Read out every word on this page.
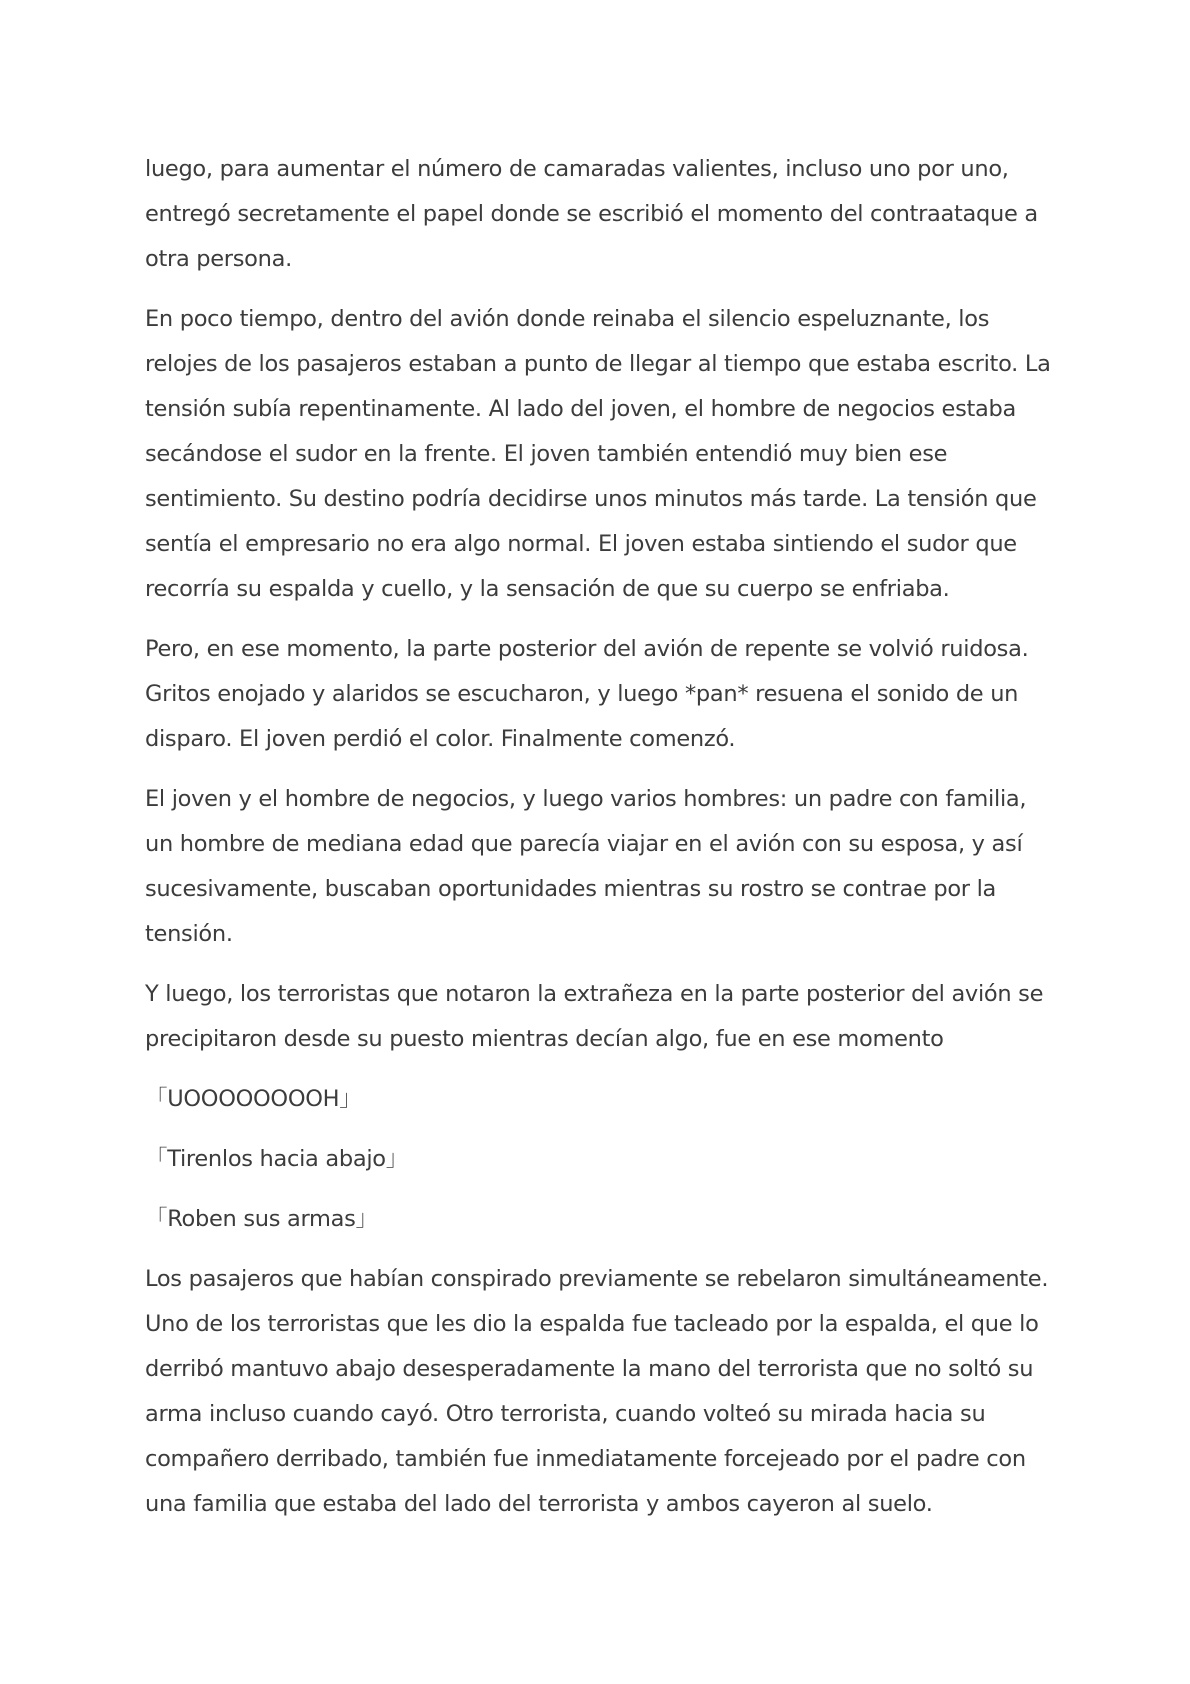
luego, para aumentar el número de camaradas valientes, incluso uno por uno, entregó secretamente el papel donde se escribió el momento del contraataque a otra persona.

En poco tiempo, dentro del avión donde reinaba el silencio espeluznante, los relojes de los pasajeros estaban a punto de llegar al tiempo que estaba escrito. La tensión subía repentinamente. Al lado del joven, el hombre de negocios estaba secándose el sudor en la frente. El joven también entendió muy bien ese sentimiento. Su destino podría decidirse unos minutos más tarde. La tensión que sentía el empresario no era algo normal. El joven estaba sintiendo el sudor que recorría su espalda y cuello, y la sensación de que su cuerpo se enfriaba.

Pero, en ese momento, la parte posterior del avión de repente se volvió ruidosa. Gritos enojado y alaridos se escucharon, y luego *pan* resuena el sonido de un disparo. El joven perdió el color. Finalmente comenzó.

El joven y el hombre de negocios, y luego varios hombres: un padre con familia, un hombre de mediana edad que parecía viajar en el avión con su esposa, y así sucesivamente, buscaban oportunidades mientras su rostro se contrae por la tensión.

Y luego, los terroristas que notaron la extrañeza en la parte posterior del avión se precipitaron desde su puesto mientras decían algo, fue en ese momento

「UOOOOOOOOH」

「Tirenlos hacia abajo」

「Roben sus armas」

Los pasajeros que habían conspirado previamente se rebelaron simultáneamente. Uno de los terroristas que les dio la espalda fue tacleado por la espalda, el que lo derribó mantuvo abajo desesperadamente la mano del terrorista que no soltó su arma incluso cuando cayó. Otro terrorista, cuando volteó su mirada hacia su compañero derribado, también fue inmediatamente forcejeado por el padre con una familia que estaba del lado del terrorista y ambos cayeron al suelo.
